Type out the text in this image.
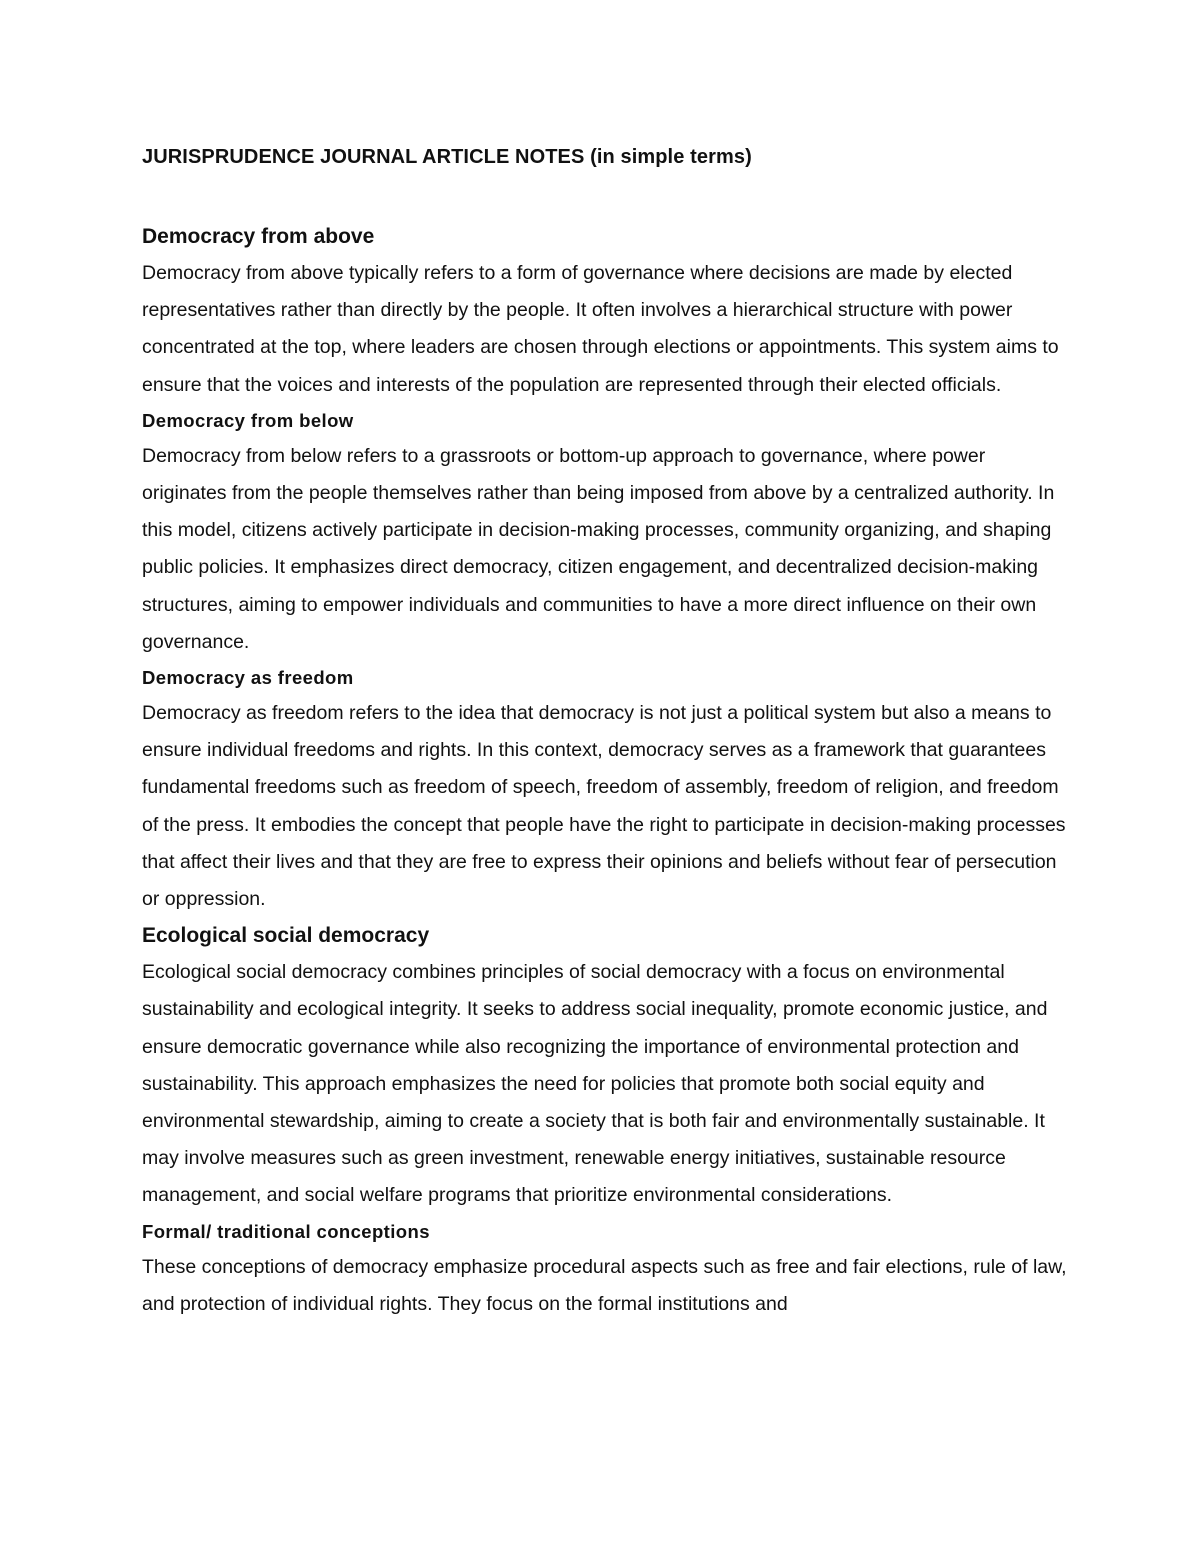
JURISPRUDENCE JOURNAL ARTICLE NOTES (in simple terms)
Democracy from above

Democracy from above typically refers to a form of governance where decisions are made by elected representatives rather than directly by the people. It often involves a hierarchical structure with power concentrated at the top, where leaders are chosen through elections or appointments. This system aims to ensure that the voices and interests of the population are represented through their elected officials.

Democracy from below

Democracy from below refers to a grassroots or bottom-up approach to governance, where power originates from the people themselves rather than being imposed from above by a centralized authority. In this model, citizens actively participate in decision-making processes, community organizing, and shaping public policies. It emphasizes direct democracy, citizen engagement, and decentralized decision-making structures, aiming to empower individuals and communities to have a more direct influence on their own governance.

Democracy as freedom

Democracy as freedom refers to the idea that democracy is not just a political system but also a means to ensure individual freedoms and rights. In this context, democracy serves as a framework that guarantees fundamental freedoms such as freedom of speech, freedom of assembly, freedom of religion, and freedom of the press. It embodies the concept that people have the right to participate in decision-making processes that affect their lives and that they are free to express their opinions and beliefs without fear of persecution or oppression.

Ecological social democracy

Ecological social democracy combines principles of social democracy with a focus on environmental sustainability and ecological integrity. It seeks to address social inequality, promote economic justice, and ensure democratic governance while also recognizing the importance of environmental protection and sustainability. This approach emphasizes the need for policies that promote both social equity and environmental stewardship, aiming to create a society that is both fair and environmentally sustainable. It may involve measures such as green investment, renewable energy initiatives, sustainable resource management, and social welfare programs that prioritize environmental considerations.

Formal/ traditional conceptions

These conceptions of democracy emphasize procedural aspects such as free and fair elections, rule of law, and protection of individual rights. They focus on the formal institutions and
